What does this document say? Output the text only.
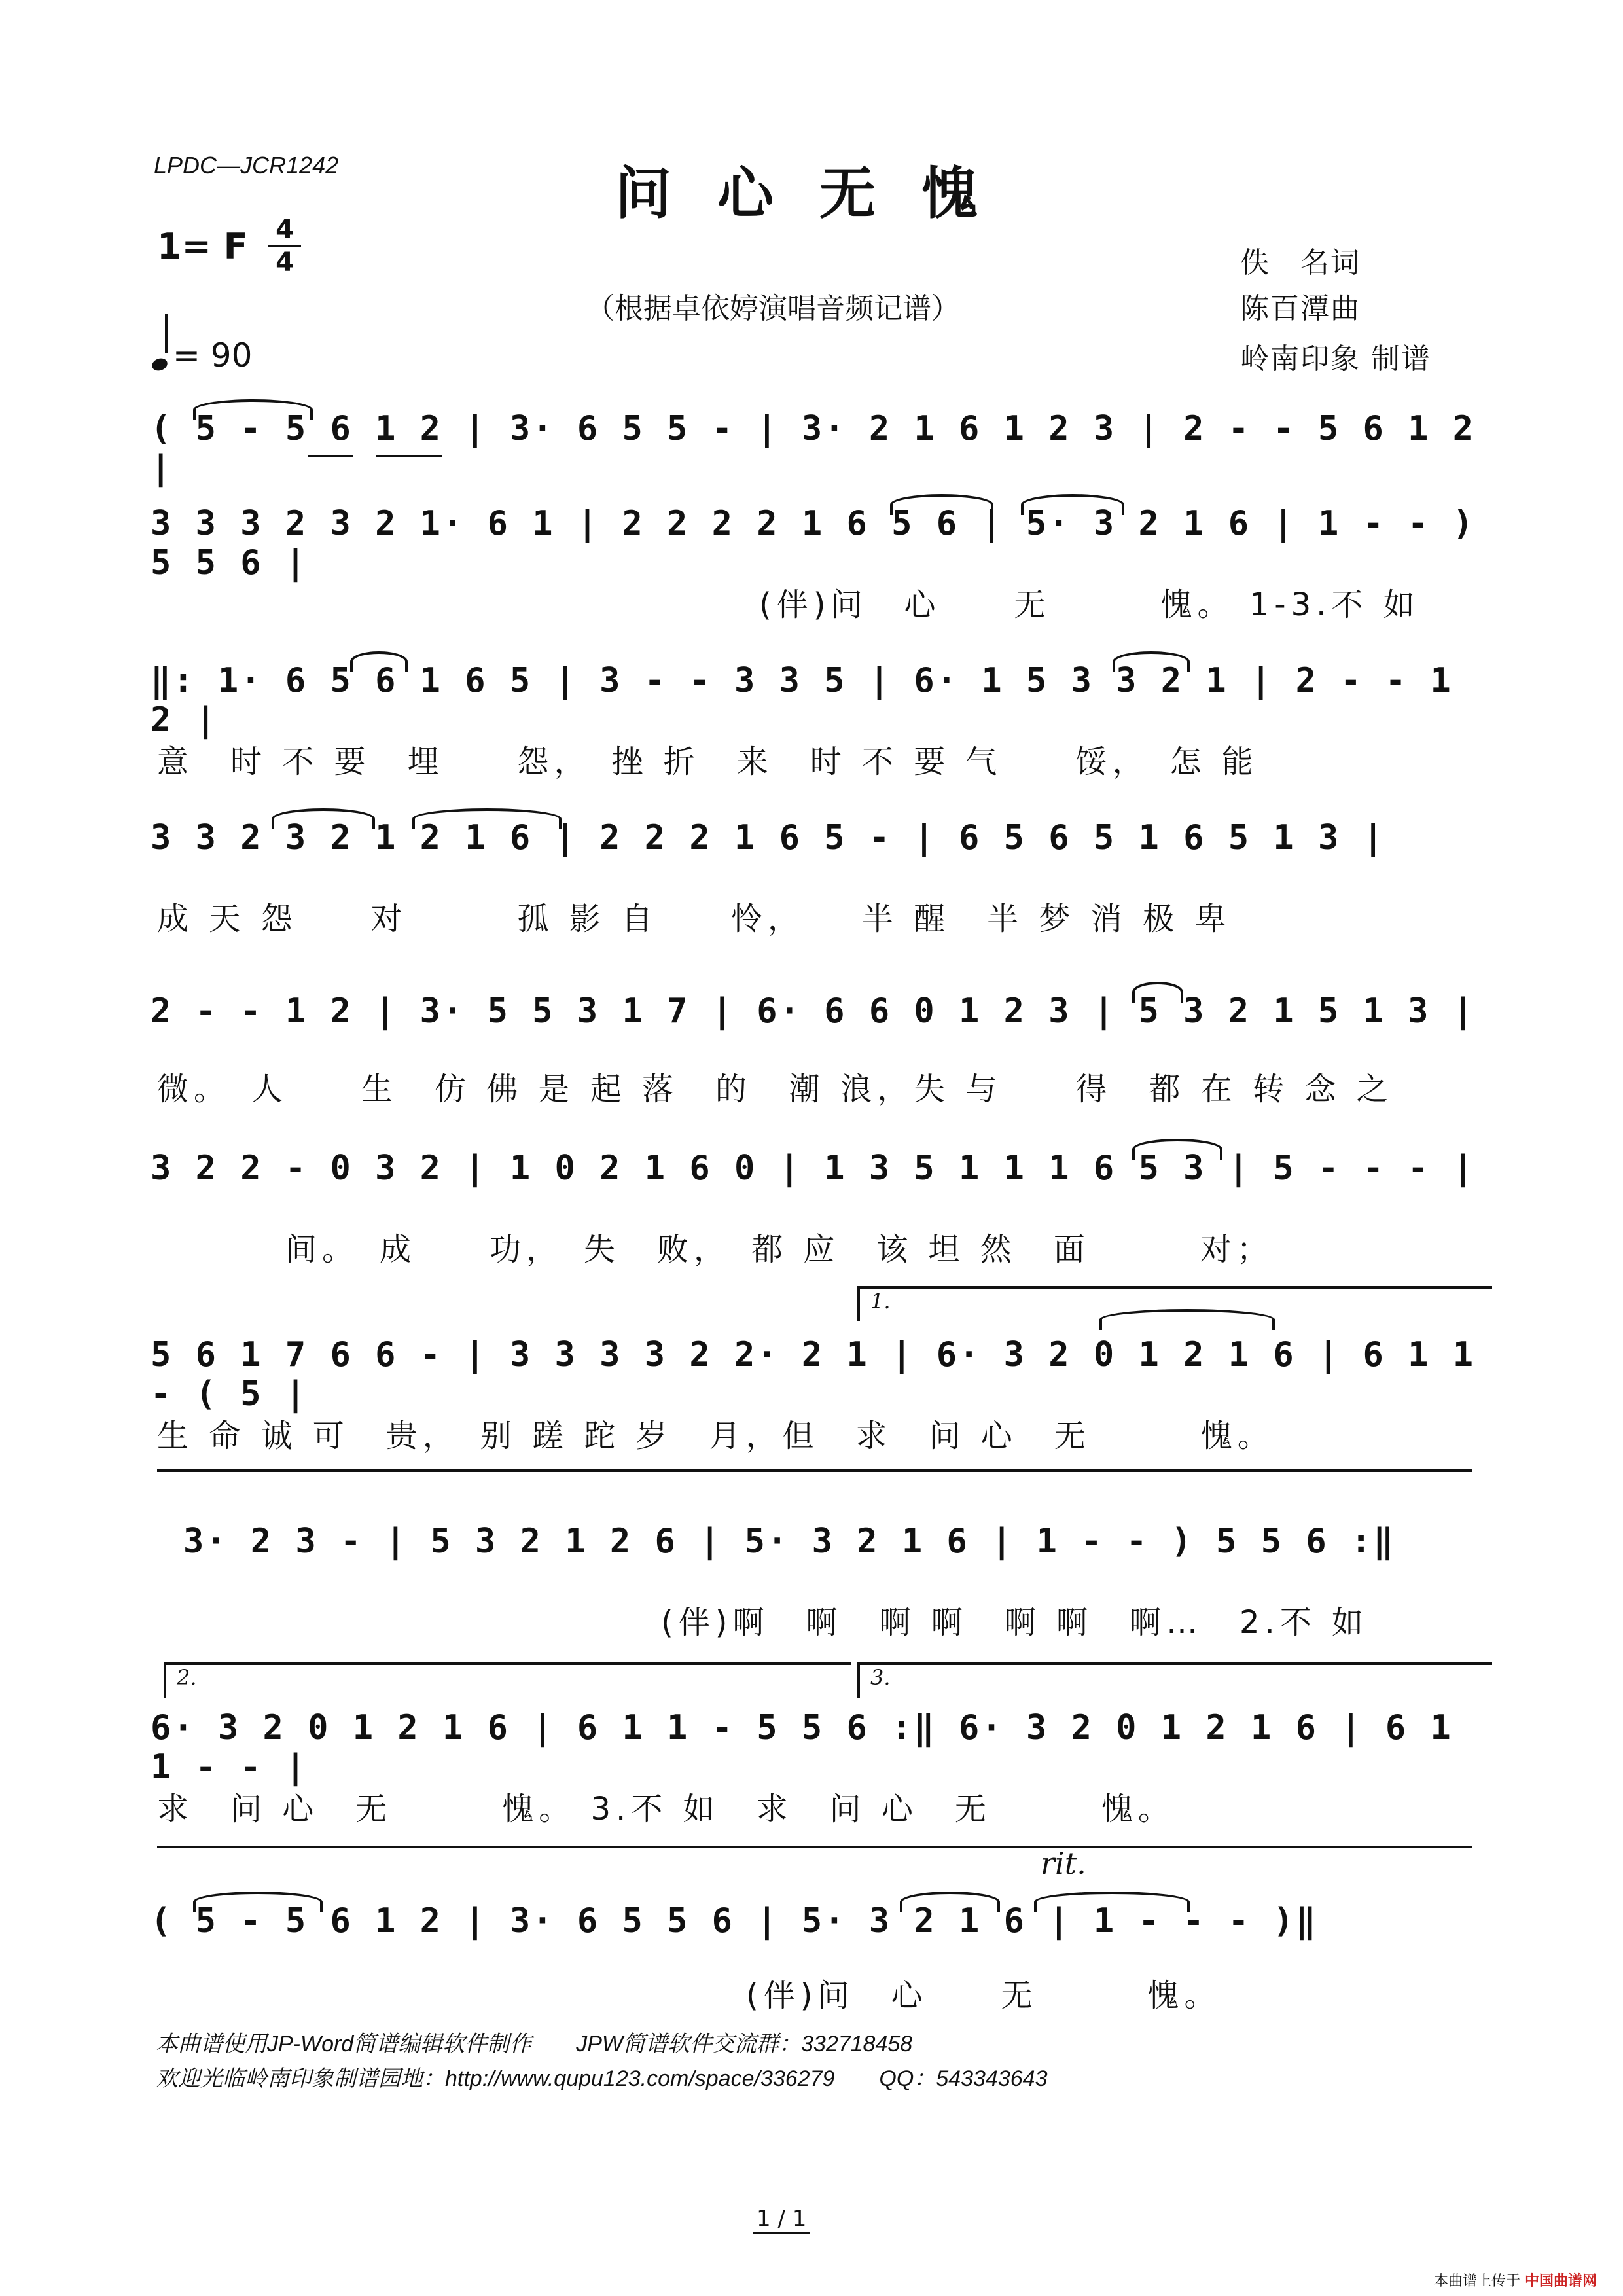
LPDC—JCR1242	问心无愧
1= F 4
4
= 90
（根据卓依婷演唱音频记谱）
佚　名词
陈百潭曲
岭南印象 制谱
( 5 - 5 6 1 2 | 3· 6 5 5 - | 3· 2 1 6 1 2 3 | 2 - - 5 6 1 2 |
3 3 3 2 3 2 1· 6 1 | 2 2 2 2 1 6 5 6 | 5· 3 2 1 6 | 1 - - ) 5 5 6 |
(伴)问　心　　无　　　愧。 1-3.不 如
‖: 1· 6 5 6 1 6 5 | 3 - - 3 3 5 | 6· 1 5 3 3 2 1 | 2 - - 1 2 |
意　时 不 要　埋　　怨，　挫 折　来　时 不 要 气　　馁，　怎 能
3 3 2 3 2 1 2 1 6 | 2 2 2 1 6 5 - | 6 5 6 5 1 6 5 1 3 |
成 天 怨　　对　　　孤 影 自　　怜，　　半 醒　半 梦 消 极 卑
2 - - 1 2 | 3· 5 5 3 1 7 | 6· 6 6 0 1 2 3 | 5 3 2 1 5 1 3 |
微。　人　　生　仿 佛 是 起 落　的　潮 浪，失 与　　得　都 在 转 念 之
3 2 2 - 0 3 2 | 1 0 2 1 6 0 | 1 3 5 1 1 1 6 5 3 | 5 - - - |
　间。　成　　功，　失　败，　都 应　该 坦 然　面　　　对；
1.
5 6 1 7 6 6 - | 3 3 3 3 2 2· 2 1 | 6· 3 2 0 1 2 1 6 | 6 1 1 - ( 5 |
生 命 诚 可　贵，　别 蹉 跎 岁　月，但　求　问 心　无　　　愧。
3· 2 3 - | 5 3 2 1 2 6 | 5· 3 2 1 6 | 1 - - ) 5 5 6 :‖
(伴)啊　啊　啊 啊　啊 啊　啊…　2.不 如
2.	3.
6· 3 2 0 1 2 1 6 | 6 1 1 - 5 5 6 :‖ 6· 3 2 0 1 2 1 6 | 6 1 1 - - |
求　问 心　无　　　愧。 3.不 如　求　问 心　无　　　愧。
rit.
( 5 - 5 6 1 2 | 3· 6 5 5 6 | 5· 3 2 1 6 | 1 - - - )‖
(伴)问　心　　无　　　愧。
本曲谱使用JP-Word简谱编辑软件制作　　JPW简谱软件交流群：332718458
欢迎光临岭南印象制谱园地：http://www.qupu123.com/space/336279　　QQ：543343643
1 / 1
本曲谱上传于 中国曲谱网
